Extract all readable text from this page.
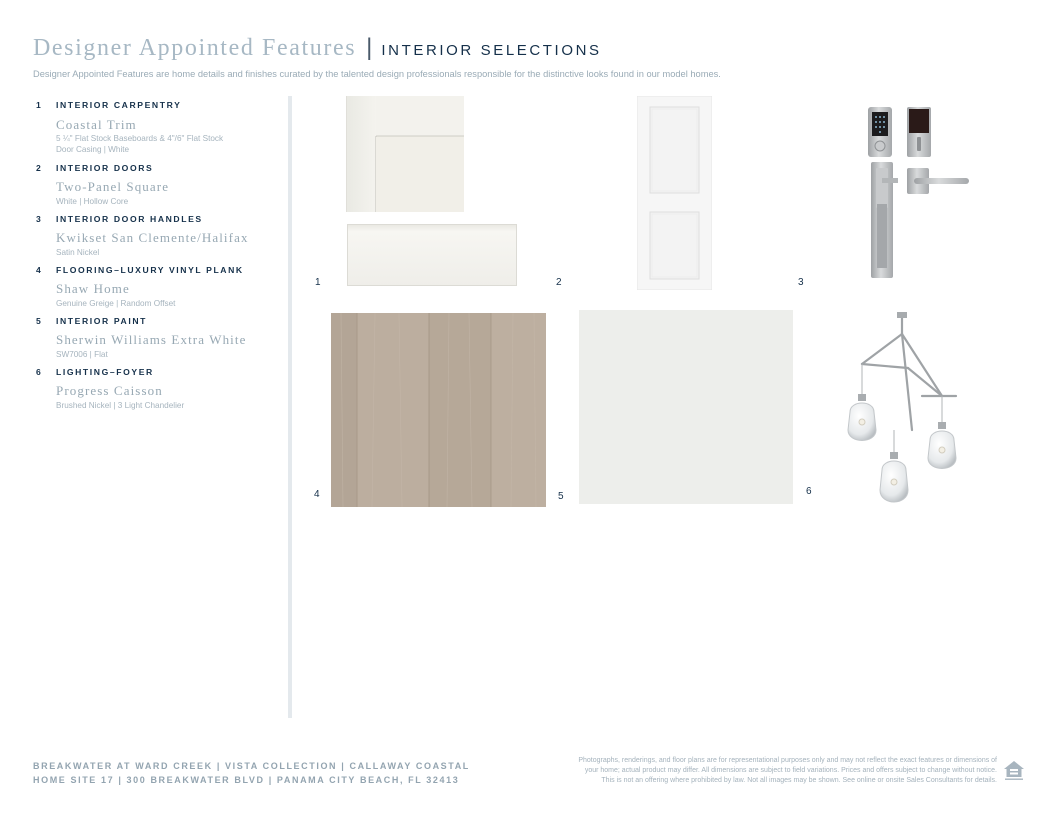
Designer Appointed Features | INTERIOR SELECTIONS
Designer Appointed Features are home details and finishes curated by the talented design professionals responsible for the distinctive looks found in our model homes.
1 INTERIOR CARPENTRY
Coastal Trim
5 ¼" Flat Stock Baseboards & 4"/6" Flat Stock
Door Casing | White
2 INTERIOR DOORS
Two-Panel Square
White | Hollow Core
3 INTERIOR DOOR HANDLES
Kwikset San Clemente/Halifax
Satin Nickel
4 FLOORING–LUXURY VINYL PLANK
Shaw Home
Genuine Greige | Random Offset
5 INTERIOR PAINT
Sherwin Williams Extra White
SW7006 | Flat
6 LIGHTING–FOYER
Progress Caisson
Brushed Nickel | 3 Light Chandelier
1	2	3
4	5	6
BREAKWATER AT WARD CREEK | VISTA COLLECTION | CALLAWAY COASTAL
HOME SITE 17 | 300 BREAKWATER BLVD | PANAMA CITY BEACH, FL 32413
Photographs, renderings, and floor plans are for representational purposes only and may not reflect the exact features or dimensions of
your home; actual product may differ. All dimensions are subject to field variations. Prices and offers subject to change without notice.
This is not an offering where prohibited by law. Not all images may be shown. See online or onsite Sales Consultants for details.
